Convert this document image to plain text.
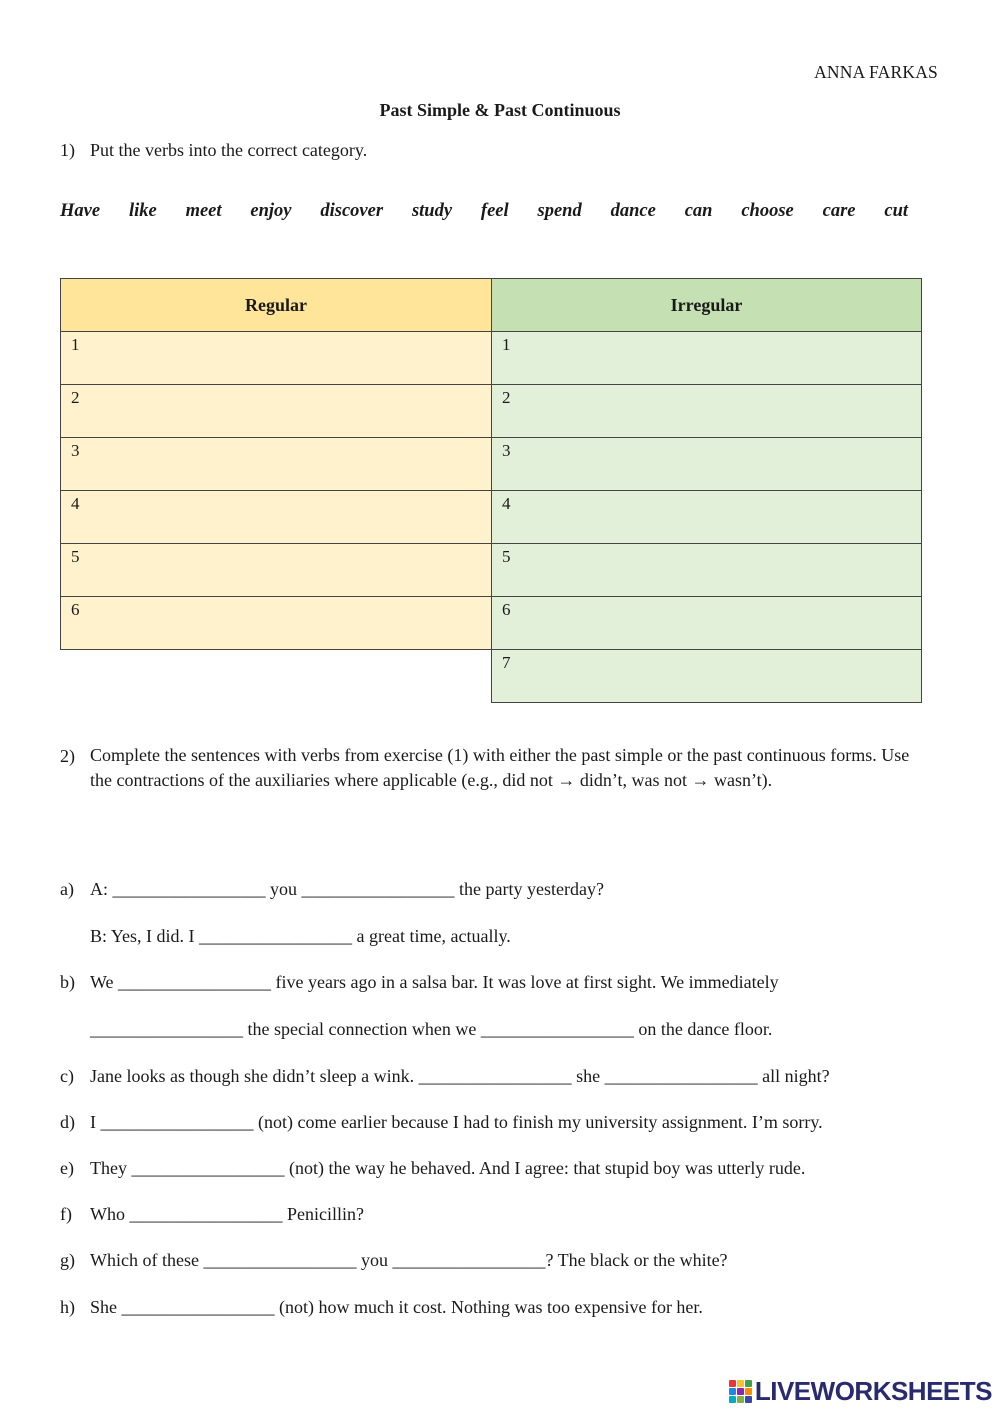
ANNA FARKAS
Past Simple & Past Continuous
1) Put the verbs into the correct category.
Have like meet enjoy discover study feel spend dance can choose care cut
Regular	Irregular

1	1

2	2

3	3

4	4

5	5

6	6

	7
2) Complete the sentences with verbs from exercise (1) with either the past simple or the past continuous forms. Use the contractions of the auxiliaries where applicable (e.g., did not → didn’t, was not → wasn’t).
a) A: _________________ you _________________ the party yesterday?
B: Yes, I did. I _________________ a great time, actually.
b) We _________________ five years ago in a salsa bar. It was love at first sight. We immediately
_________________ the special connection when we _________________ on the dance floor.
c) Jane looks as though she didn’t sleep a wink. _________________ she _________________ all night?
d) I _________________ (not) come earlier because I had to finish my university assignment. I’m sorry.
e) They _________________ (not) the way he behaved. And I agree: that stupid boy was utterly rude.
f) Who _________________ Penicillin?
g) Which of these _________________ you _________________? The black or the white?
h) She _________________ (not) how much it cost. Nothing was too expensive for her.
LIVEWORKSHEETS
